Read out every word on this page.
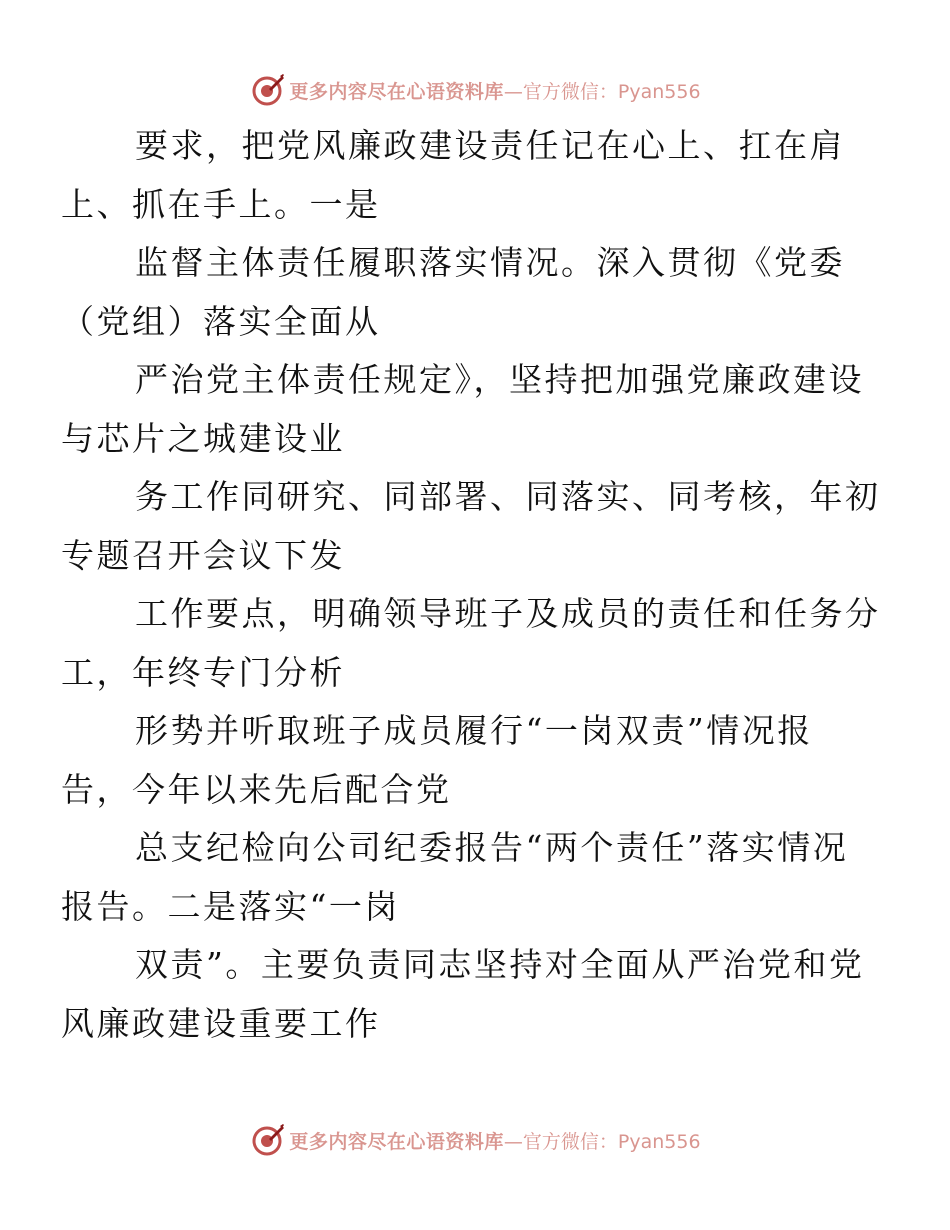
更多内容尽在心语资料库 —官方微信：Pyan556

要求，把党风廉政建设责任记在心上、扛在肩
上、抓在手上。一是

监督主体责任履职落实情况。深入贯彻《党委
（党组）落实全面从

严治党主体责任规定》，坚持把加强党廉政建设
与芯片之城建设业

务工作同研究、同部署、同落实、同考核，年初
专题召开会议下发

工作要点，明确领导班子及成员的责任和任务分
工，年终专门分析

形势并听取班子成员履行“一岗双责”情况报
告，今年以来先后配合党

总支纪检向公司纪委报告“两个责任”落实情况
报告。二是落实“一岗

双责”。主要负责同志坚持对全面从严治党和党
风廉政建设重要工作

更多内容尽在心语资料库 —官方微信：Pyan556
